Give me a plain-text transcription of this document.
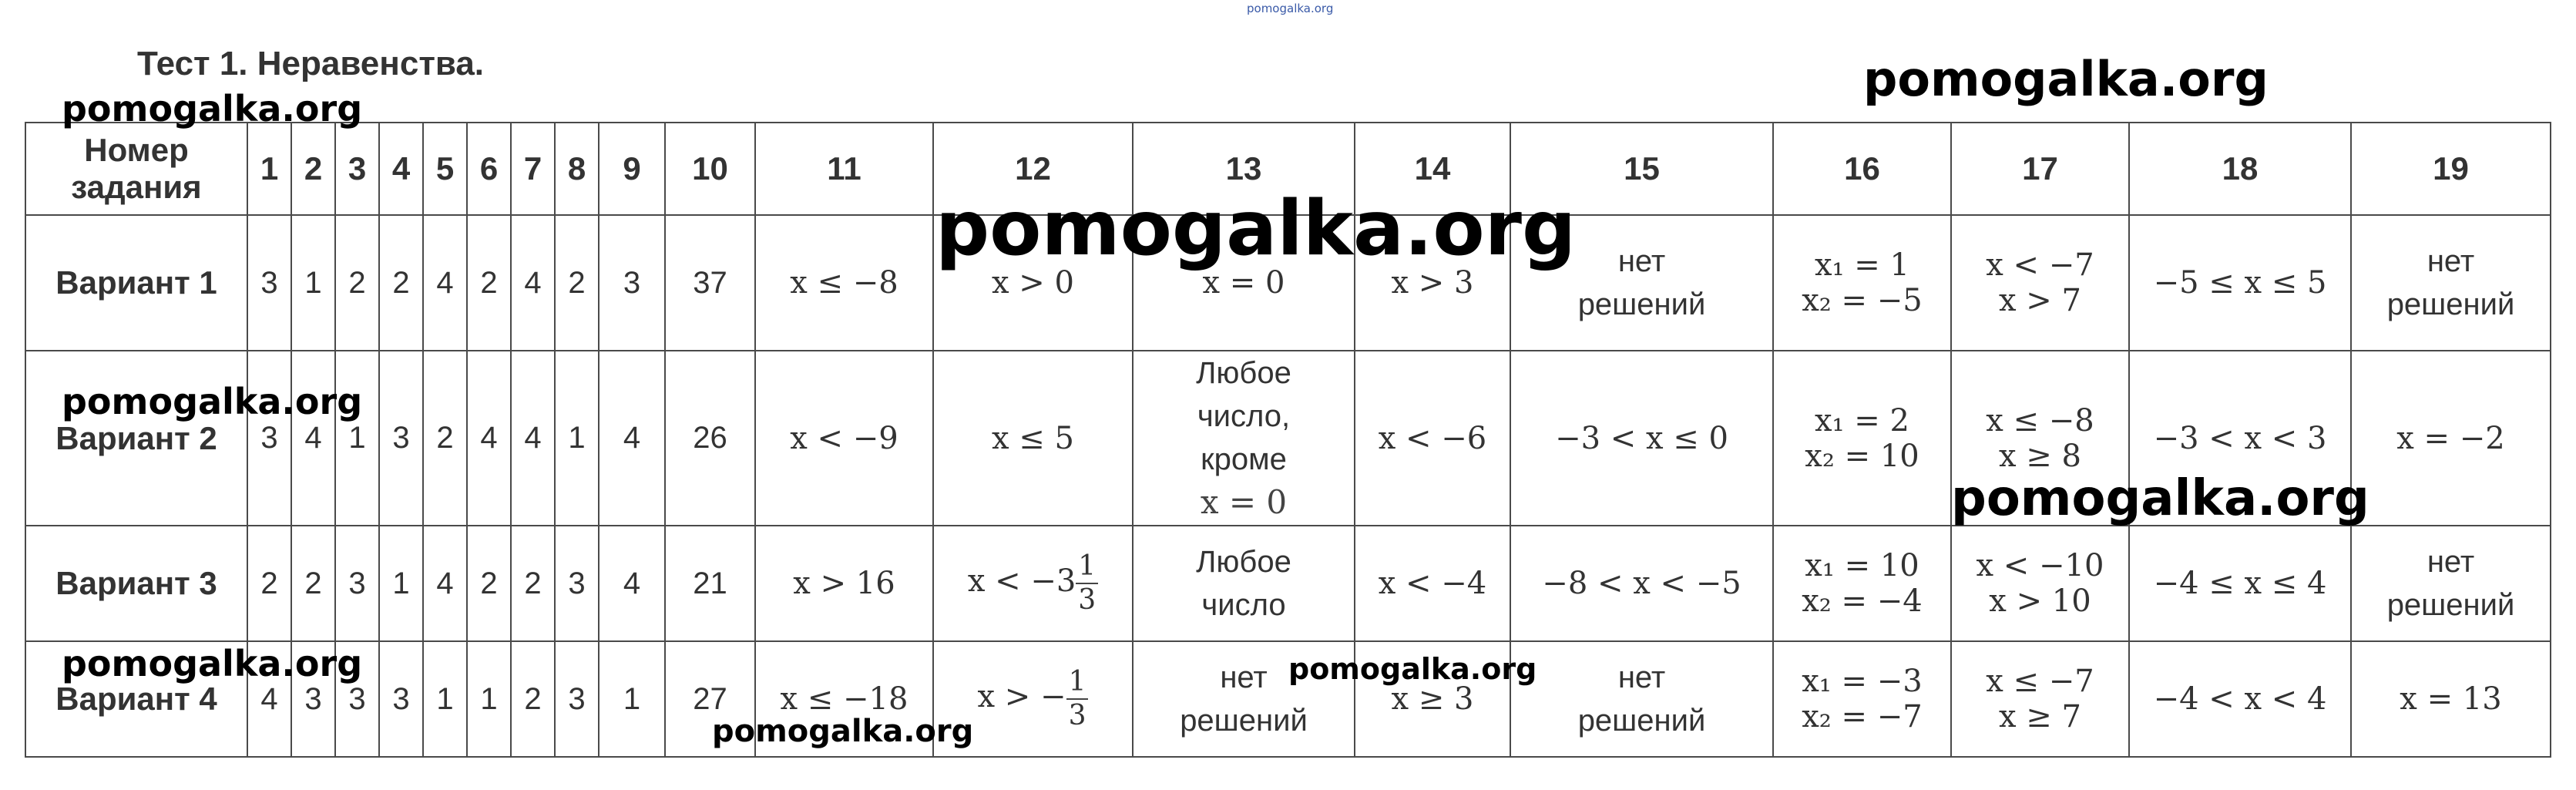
pomogalka.org
Тест 1. Неравенства.
Номер
задания	1	2	3	4	5	6	7	8	9	10	11	12	13	14	15	16	17	18	19
Вариант 1	3	1	2	2	4	2	4	2	3	37	x ≤ −8	x > 0	x = 0	x > 3	нет
решений	x₁ = 1
x₂ = −5	x < −7
x > 7	−5 ≤ x ≤ 5	нет
решений
Вариант 2	3	4	1	3	2	4	4	1	4	26	x < −9	x ≤ 5	Любое
число,
кроме
x = 0	x < −6	−3 < x ≤ 0	x₁ = 2
x₂ = 10	x ≤ −8
x ≥ 8	−3 < x < 3	x = −2
Вариант 3	2	2	3	1	4	2	2	3	4	21	x > 16	$x < -3 \frac{1}{3}$	Любое
число	x < −4	−8 < x < −5	x₁ = 10
x₂ = −4	x < −10
x > 10	−4 ≤ x ≤ 4	нет
решений
Вариант 4	4	3	3	3	1	1	2	3	1	27	x ≤ −18	x > − $\frac{1}{3}$	нет
решений	x ≥ 3	нет
решений	x₁ = −3
x₂ = −7	x ≤ −7
x ≥ 7	−4 < x < 4	x = 13
pomogalka.org
pomogalka.org
pomogalka.org
pomogalka.org
pomogalka.org
pomogalka.org	pomogalka.org
pomogalka.org
